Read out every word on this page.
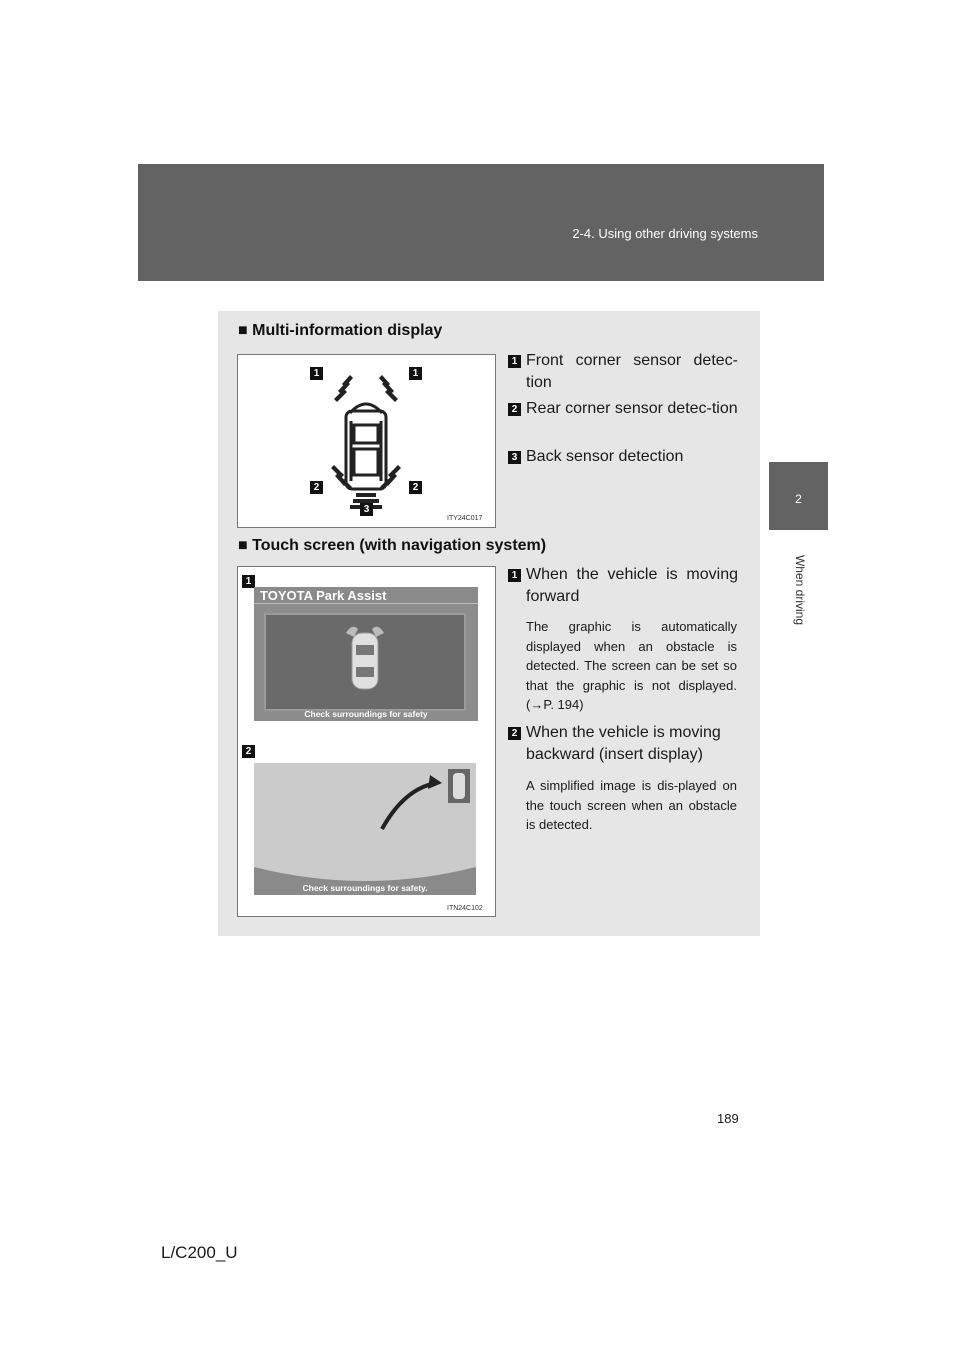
2-4. Using other driving systems
2
When driving
■ Multi-information display
1	1
2	2
3
ITY24C017
1 Front corner sensor detec-tion
2 Rear corner sensor detec-tion
3 Back sensor detection
■ Touch screen (with navigation system)
1
TOYOTA Park Assist
Check surroundings for safety
2
Check surroundings for safety.
ITN24C102
1 When the vehicle is moving forward
The graphic is automatically displayed when an obstacle is detected. The screen can be set so that the graphic is not displayed. (→P. 194)
2 When the vehicle is moving backward (insert display)
A simplified image is dis-played on the touch screen when an obstacle is detected.
189
L/C200_U
